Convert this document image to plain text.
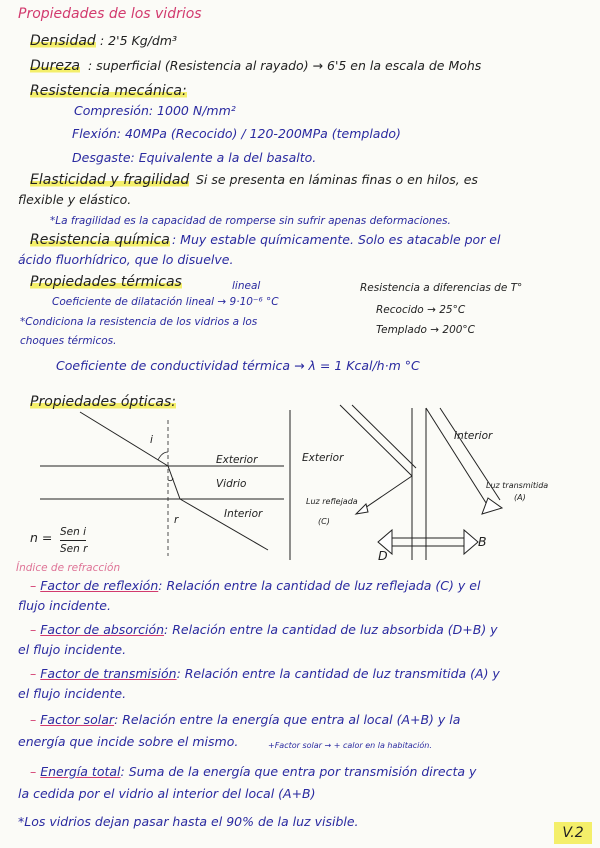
Propiedades de los vidrios
Densidad : 2'5 Kg/dm³
Dureza : superficial (Resistencia al rayado) → 6'5 en la escala de Mohs
Resistencia mecánica:
Compresión: 1000 N/mm²
Flexión: 40MPa (Recocido) / 120-200MPa (templado)
Desgaste: Equivalente a la del basalto.
Elasticidad y fragilidad Si se presenta en láminas finas o en hilos, es
flexible y elástico.
*La fragilidad es la capacidad de romperse sin sufrir apenas deformaciones.
Resistencia química : Muy estable químicamente. Solo es atacable por el
ácido fluorhídrico, que lo disuelve.
Propiedades térmicas	lineal
Coeficiente de dilatación lineal → 9·10⁻⁶ °C
*Condiciona la resistencia de los vidrios a los
choques térmicos.
Resistencia a diferencias de T°
Recocido → 25°C
Templado → 200°C
Coeficiente de conductividad térmica → λ = 1 Kcal/h·m °C
Propiedades ópticas:
Exterior
Vidrio
Interior
i
r
n = Sen i
Sen r
Índice de refracción
Exterior
Interior
Luz transmitida
(A)
Luz reflejada
(C)
B
D
– Factor de reflexión: Relación entre la cantidad de luz reflejada (C) y el
flujo incidente.
– Factor de absorción: Relación entre la cantidad de luz absorbida (D+B) y
el flujo incidente.
– Factor de transmisión: Relación entre la cantidad de luz transmitida (A) y
el flujo incidente.
– Factor solar: Relación entre la energía que entra al local (A+B) y la
energía que incide sobre el mismo.	+Factor solar → + calor en la habitación.
– Energía total: Suma de la energía que entra por transmisión directa y
la cedida por el vidrio al interior del local (A+B)
*Los vidrios dejan pasar hasta el 90% de la luz visible.
V.2
